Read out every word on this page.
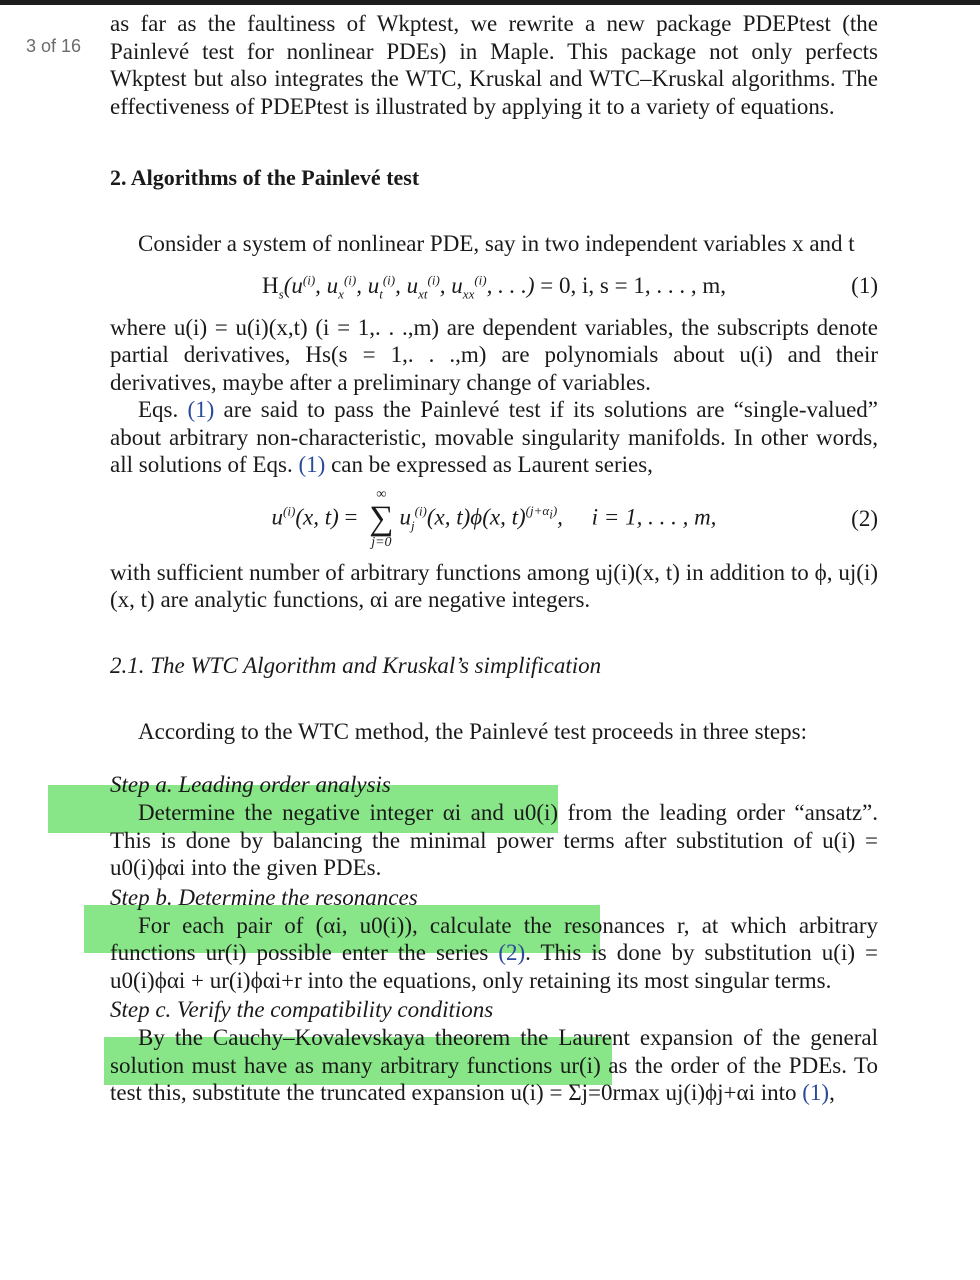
3 of 16

as far as the faultiness of Wkptest, we rewrite a new package PDEPtest (the Painlevé test for nonlinear PDEs) in Maple. This package not only perfects Wkptest but also integrates the WTC, Kruskal and WTC–Kruskal algorithms. The effectiveness of PDEPtest is illustrated by applying it to a variety of equations.

2. Algorithms of the Painlevé test

Consider a system of nonlinear PDE, say in two independent variables x and t

$H_s(u^{(i)}$, $u_x^{(i)}$, $u_t^{(i)}$, $u_{xt}^{(i)}$, $u_{xx}^{(i)}$, . . .) = 0, i, s = 1, . . . , m,	(1)

where u(i) = u(i)(x,t) (i = 1,. . .,m) are dependent variables, the subscripts denote partial derivatives, Hs(s = 1,. . .,m) are polynomials about u(i) and their derivatives, maybe after a preliminary change of variables.

Eqs. (1) are said to pass the Painlevé test if its solutions are “single-valued” about arbitrary non-characteristic, movable singularity manifolds. In other words, all solutions of Eqs. (1) can be expressed as Laurent series,

$u^{(i)}(x$, t) =
∞
∑
j=0
$u_j^{(i)}(x$, t)ϕ(x, t)$^{(j+\alpha_i)}$,     i = 1, . . . , m,	(2)

with sufficient number of arbitrary functions among uj(i)(x, t) in addition to ϕ, uj(i)(x, t) are analytic functions, αi are negative integers.

2.1. The WTC Algorithm and Kruskal’s simplification

According to the WTC method, the Painlevé test proceeds in three steps:

Step a. Leading order analysis

Determine the negative integer αi and u0(i) from the leading order “ansatz”. This is done by balancing the minimal power terms after substitution of u(i) = u0(i)ϕαi into the given PDEs.

Step b. Determine the resonances

For each pair of (αi, u0(i)), calculate the resonances r, at which arbitrary functions ur(i) possible enter the series (2). This is done by substitution u(i) = u0(i)ϕαi + ur(i)ϕαi+r into the equations, only retaining its most singular terms.

Step c. Verify the compatibility conditions

By the Cauchy–Kovalevskaya theorem the Laurent expansion of the general solution must have as many arbitrary functions ur(i) as the order of the PDEs. To test this, substitute the truncated expansion u(i) = Σj=0rmax uj(i)ϕj+αi into (1),
